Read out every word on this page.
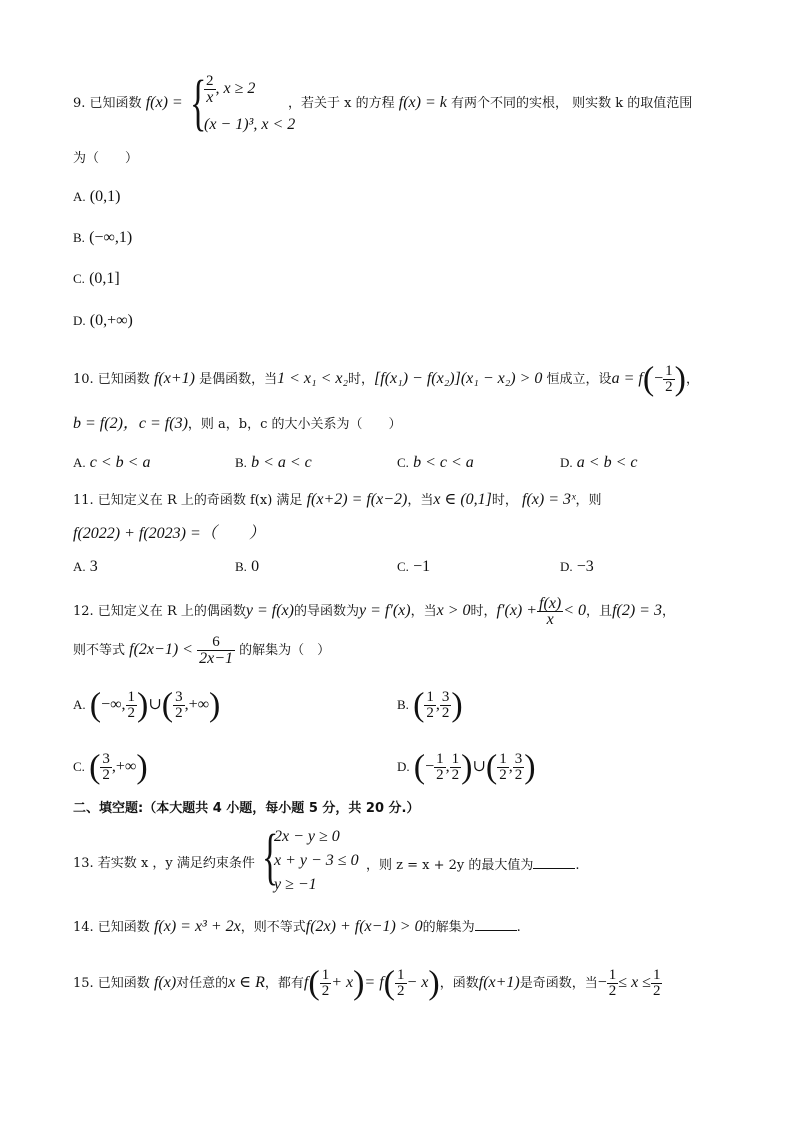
9. 已知函数 f(x) = {
$\frac{2}{x}$ , x ≥ 2
(x − 1)³, x < 2
，若关于 x 的方程 f(x) = k 有两个不同的实根， 则实数 k 的取值范围
为（　　）
A. (0,1)
B. (−∞,1)
C. (0,1]
D. (0,+∞)
10. 已知函数 f(x+1) 是偶函数，当1 < x₁ < x₂时，[f(x₁) − f(x₂)](x₁ − x₂) > 0 恒成立，设$a = f(- \frac{1}{2}$ )，
b = f(2)，c = f(3)，则 a，b，c 的大小关系为（　　）
A. c < b < a	B. b < a < c	C. b < c < a	D. a < b < c
11. 已知定义在 R 上的奇函数 f(x) 满足 f(x+2) = f(x−2)，当x ∈ (0,1]时， f(x) = 3ˣ，则
f(2022) + f(2023) =（　　）
A. 3	B. 0	C. −1	D. −3
12. 已知定义在 R 上的偶函数y = f(x)的导函数为y = f′(x)，当x > 0时，$f'(x) + \frac{f(x)}{x} < 0$，且f(2) = 3，
则不等式 $f(2x-1) < \frac{6}{2x-1}$ 的解集为（　）
A. (−∞, $\frac{1}{2}$ )∪( $\frac{3}{2}$ ,+∞)	B. ( $\frac{1}{2}$ , $\frac{3}{2}$ )
C. ( $\frac{3}{2}$ ,+∞)	D. (− $\frac{1}{2}$ , $\frac{1}{2}$ )∪( $\frac{1}{2}$ , $\frac{3}{2}$ )
二、填空题:（本大题共 4 小题，每小题 5 分，共 20 分.）
13. 若实数 x ，y 满足约束条件 {
2x − y ≥ 0
x + y − 3 ≤ 0
y ≥ −1
，则 z = x + 2y 的最大值为	.
14. 已知函数 f(x) = x³ + 2x，则不等式f(2x) + f(x−1) > 0的解集为	.
15. 已知函数 f(x)对任意的x ∈ R，都有$f( \frac{1}{2} + x)= f( \frac{1}{2} - x)$，函数f(x+1)是奇函数，当− $\frac{1}{2} \le x \le \frac{1}{2}$
